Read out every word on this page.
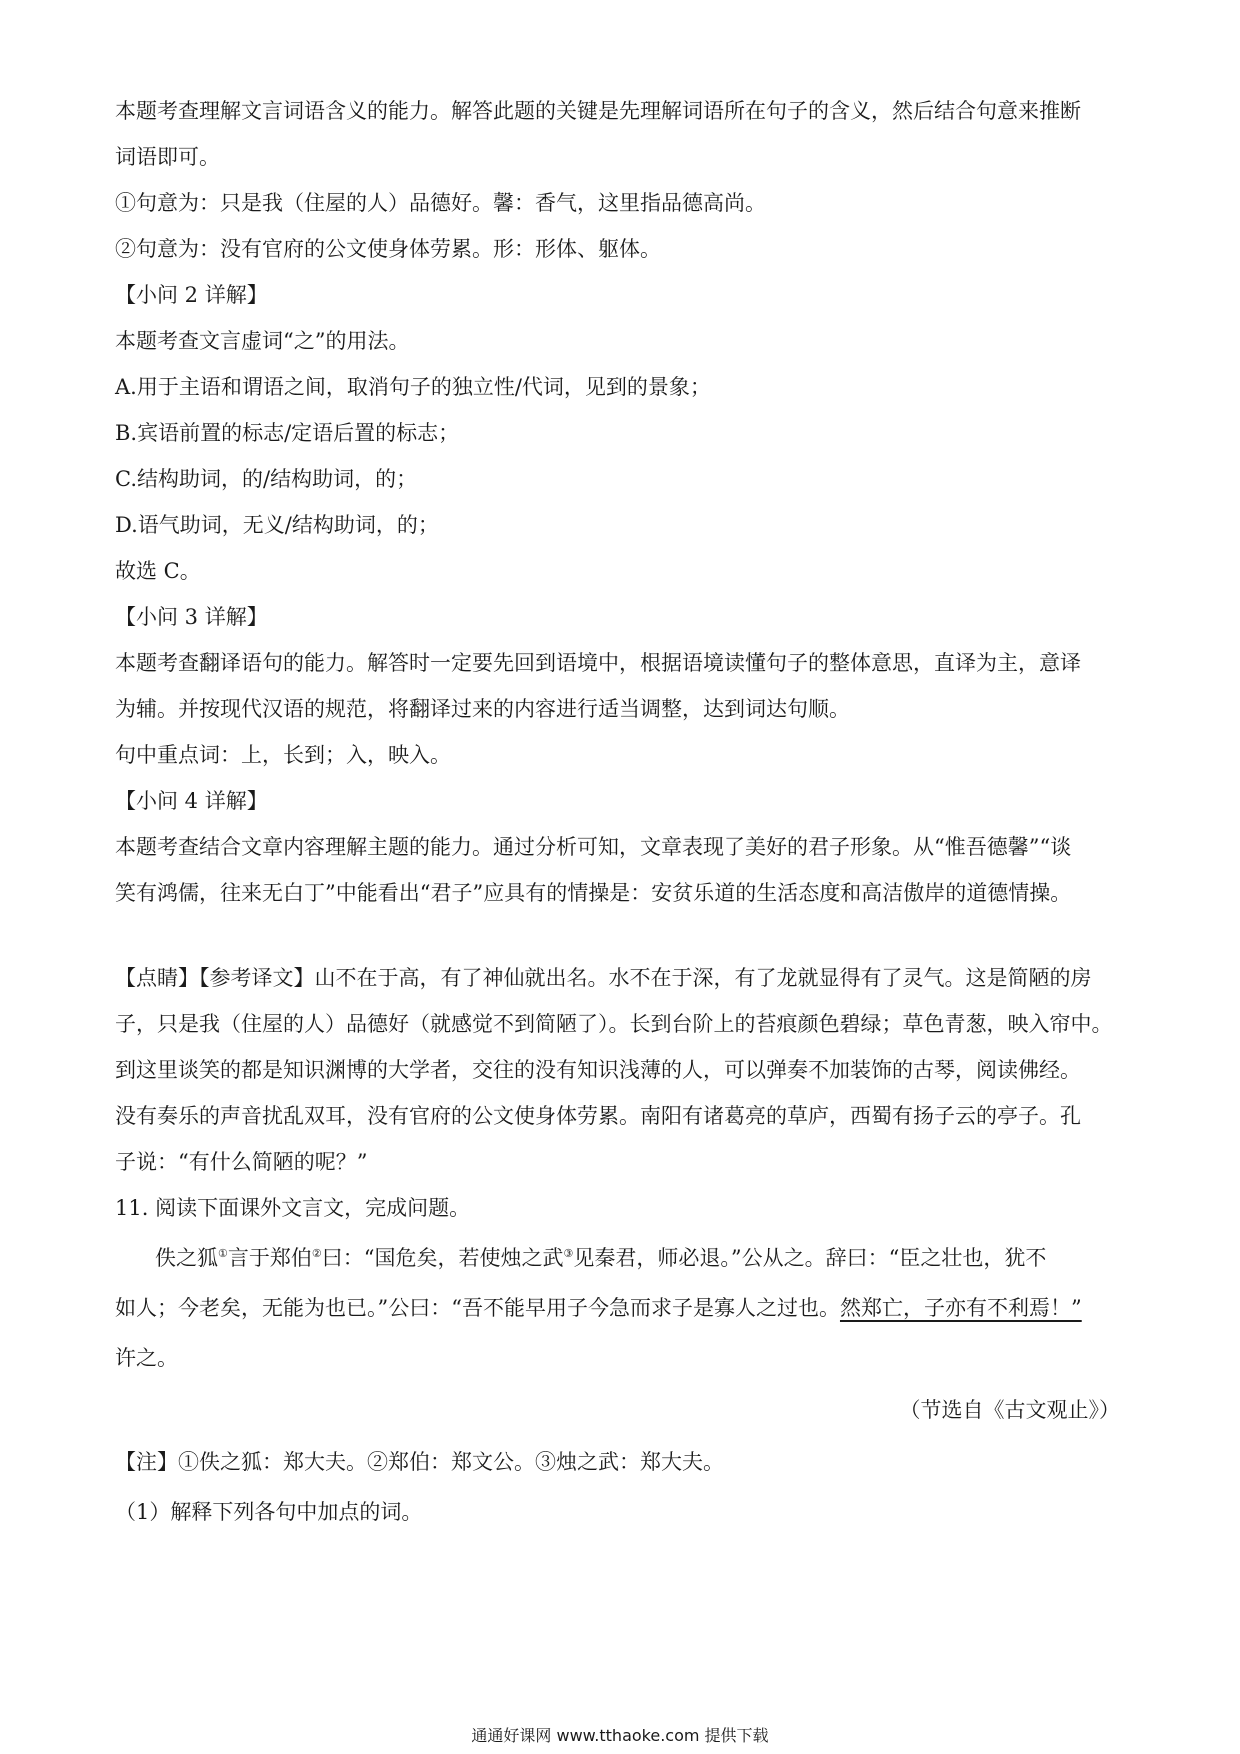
本题考查理解文言词语含义的能力。解答此题的关键是先理解词语所在句子的含义，然后结合句意来推断
词语即可。
①句意为：只是我（住屋的人）品德好。馨：香气，这里指品德高尚。
②句意为：没有官府的公文使身体劳累。形：形体、躯体。
【小问 2 详解】
本题考查文言虚词“之”的用法。
A.用于主语和谓语之间，取消句子的独立性/代词，见到的景象；
B.宾语前置的标志/定语后置的标志；
C.结构助词，的/结构助词，的；
D.语气助词，无义/结构助词，的；
故选 C。
【小问 3 详解】
本题考查翻译语句的能力。解答时一定要先回到语境中，根据语境读懂句子的整体意思，直译为主，意译
为辅。并按现代汉语的规范，将翻译过来的内容进行适当调整，达到词达句顺。
句中重点词：上，长到；入，映入。
【小问 4 详解】
本题考查结合文章内容理解主题的能力。通过分析可知，文章表现了美好的君子形象。从“惟吾德馨”“谈
笑有鸿儒，往来无白丁”中能看出“君子”应具有的情操是：安贫乐道的生活态度和高洁傲岸的道德情操。
【点睛】【参考译文】山不在于高，有了神仙就出名。水不在于深，有了龙就显得有了灵气。这是简陋的房
子，只是我（住屋的人）品德好（就感觉不到简陋了）。长到台阶上的苔痕颜色碧绿；草色青葱，映入帘中。
到这里谈笑的都是知识渊博的大学者，交往的没有知识浅薄的人，可以弹奏不加装饰的古琴，阅读佛经。
没有奏乐的声音扰乱双耳，没有官府的公文使身体劳累。南阳有诸葛亮的草庐，西蜀有扬子云的亭子。孔
子说：“有什么简陋的呢？”
11. 阅读下面课外文言文，完成问题。
佚之狐①言于郑伯②曰：“国危矣，若使烛之武③见秦君，师必退。”公从之。辞曰：“臣之壮也，犹不
如人；今老矣，无能为也已。”公曰：“吾不能早用子今急而求子是寡人之过也。然郑亡，子亦有不利焉！”
许之。
（节选自《古文观止》）
【注】①佚之狐：郑大夫。②郑伯：郑文公。③烛之武：郑大夫。
（1）解释下列各句中加点的词。
通通好课网 www.tthaoke.com 提供下载
